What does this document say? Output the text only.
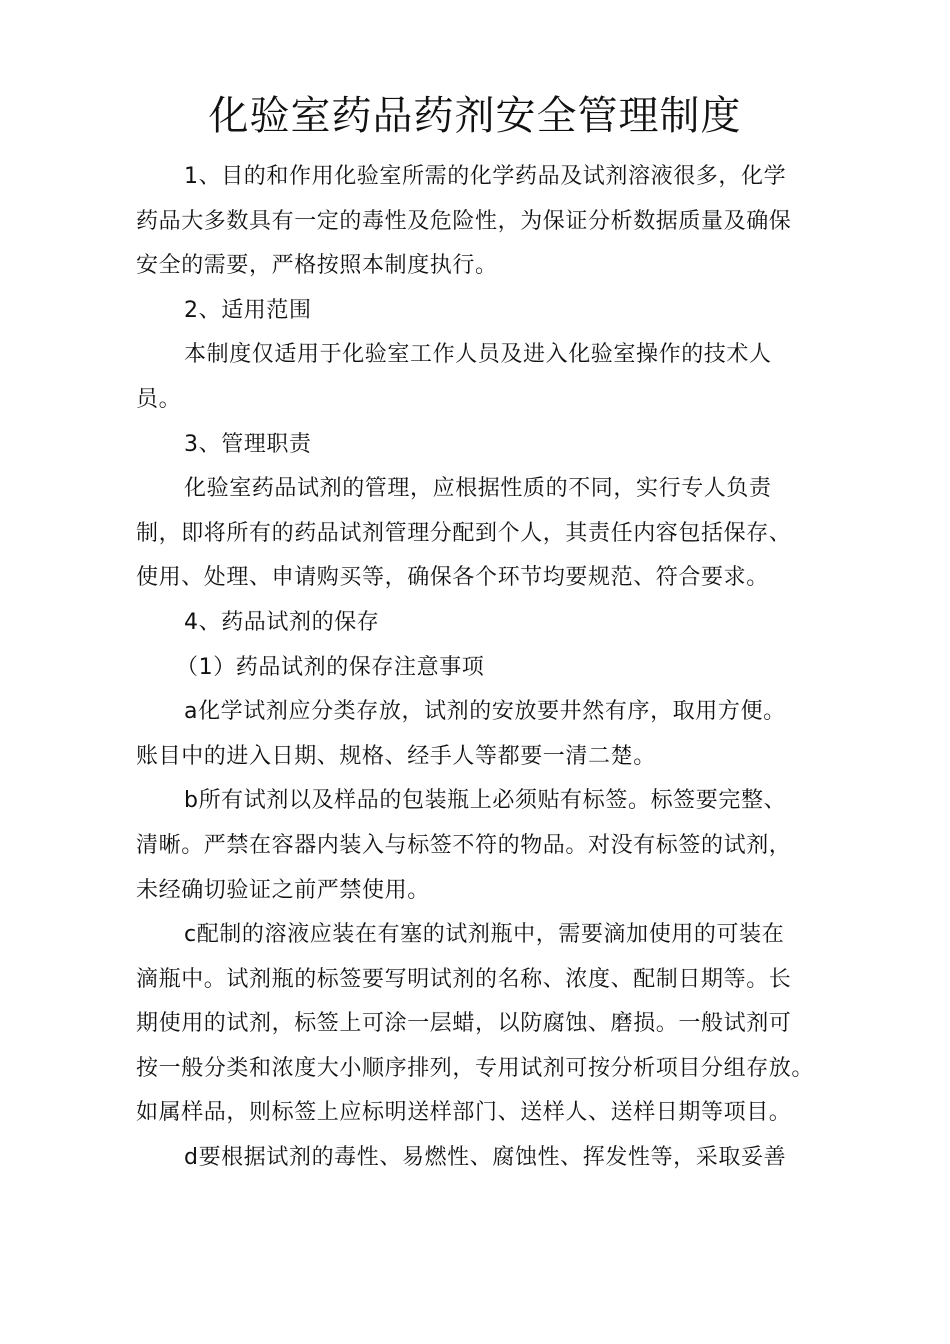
化验室药品药剂安全管理制度

1、目的和作用化验室所需的化学药品及试剂溶液很多，化学
药品大多数具有一定的毒性及危险性，为保证分析数据质量及确保
安全的需要，严格按照本制度执行。

2、适用范围

本制度仅适用于化验室工作人员及进入化验室操作的技术人
员。

3、管理职责

化验室药品试剂的管理，应根据性质的不同，实行专人负责
制，即将所有的药品试剂管理分配到个人，其责任内容包括保存、
使用、处理、申请购买等，确保各个环节均要规范、符合要求。

4、药品试剂的保存

（1）药品试剂的保存注意事项

a化学试剂应分类存放，试剂的安放要井然有序，取用方便。
账目中的进入日期、规格、经手人等都要一清二楚。

b所有试剂以及样品的包装瓶上必须贴有标签。标签要完整、
清晰。严禁在容器内装入与标签不符的物品。对没有标签的试剂，
未经确切验证之前严禁使用。

c配制的溶液应装在有塞的试剂瓶中，需要滴加使用的可装在
滴瓶中。试剂瓶的标签要写明试剂的名称、浓度、配制日期等。长
期使用的试剂，标签上可涂一层蜡，以防腐蚀、磨损。一般试剂可
按一般分类和浓度大小顺序排列，专用试剂可按分析项目分组存放。
如属样品，则标签上应标明送样部门、送样人、送样日期等项目。

d要根据试剂的毒性、易燃性、腐蚀性、挥发性等，采取妥善
